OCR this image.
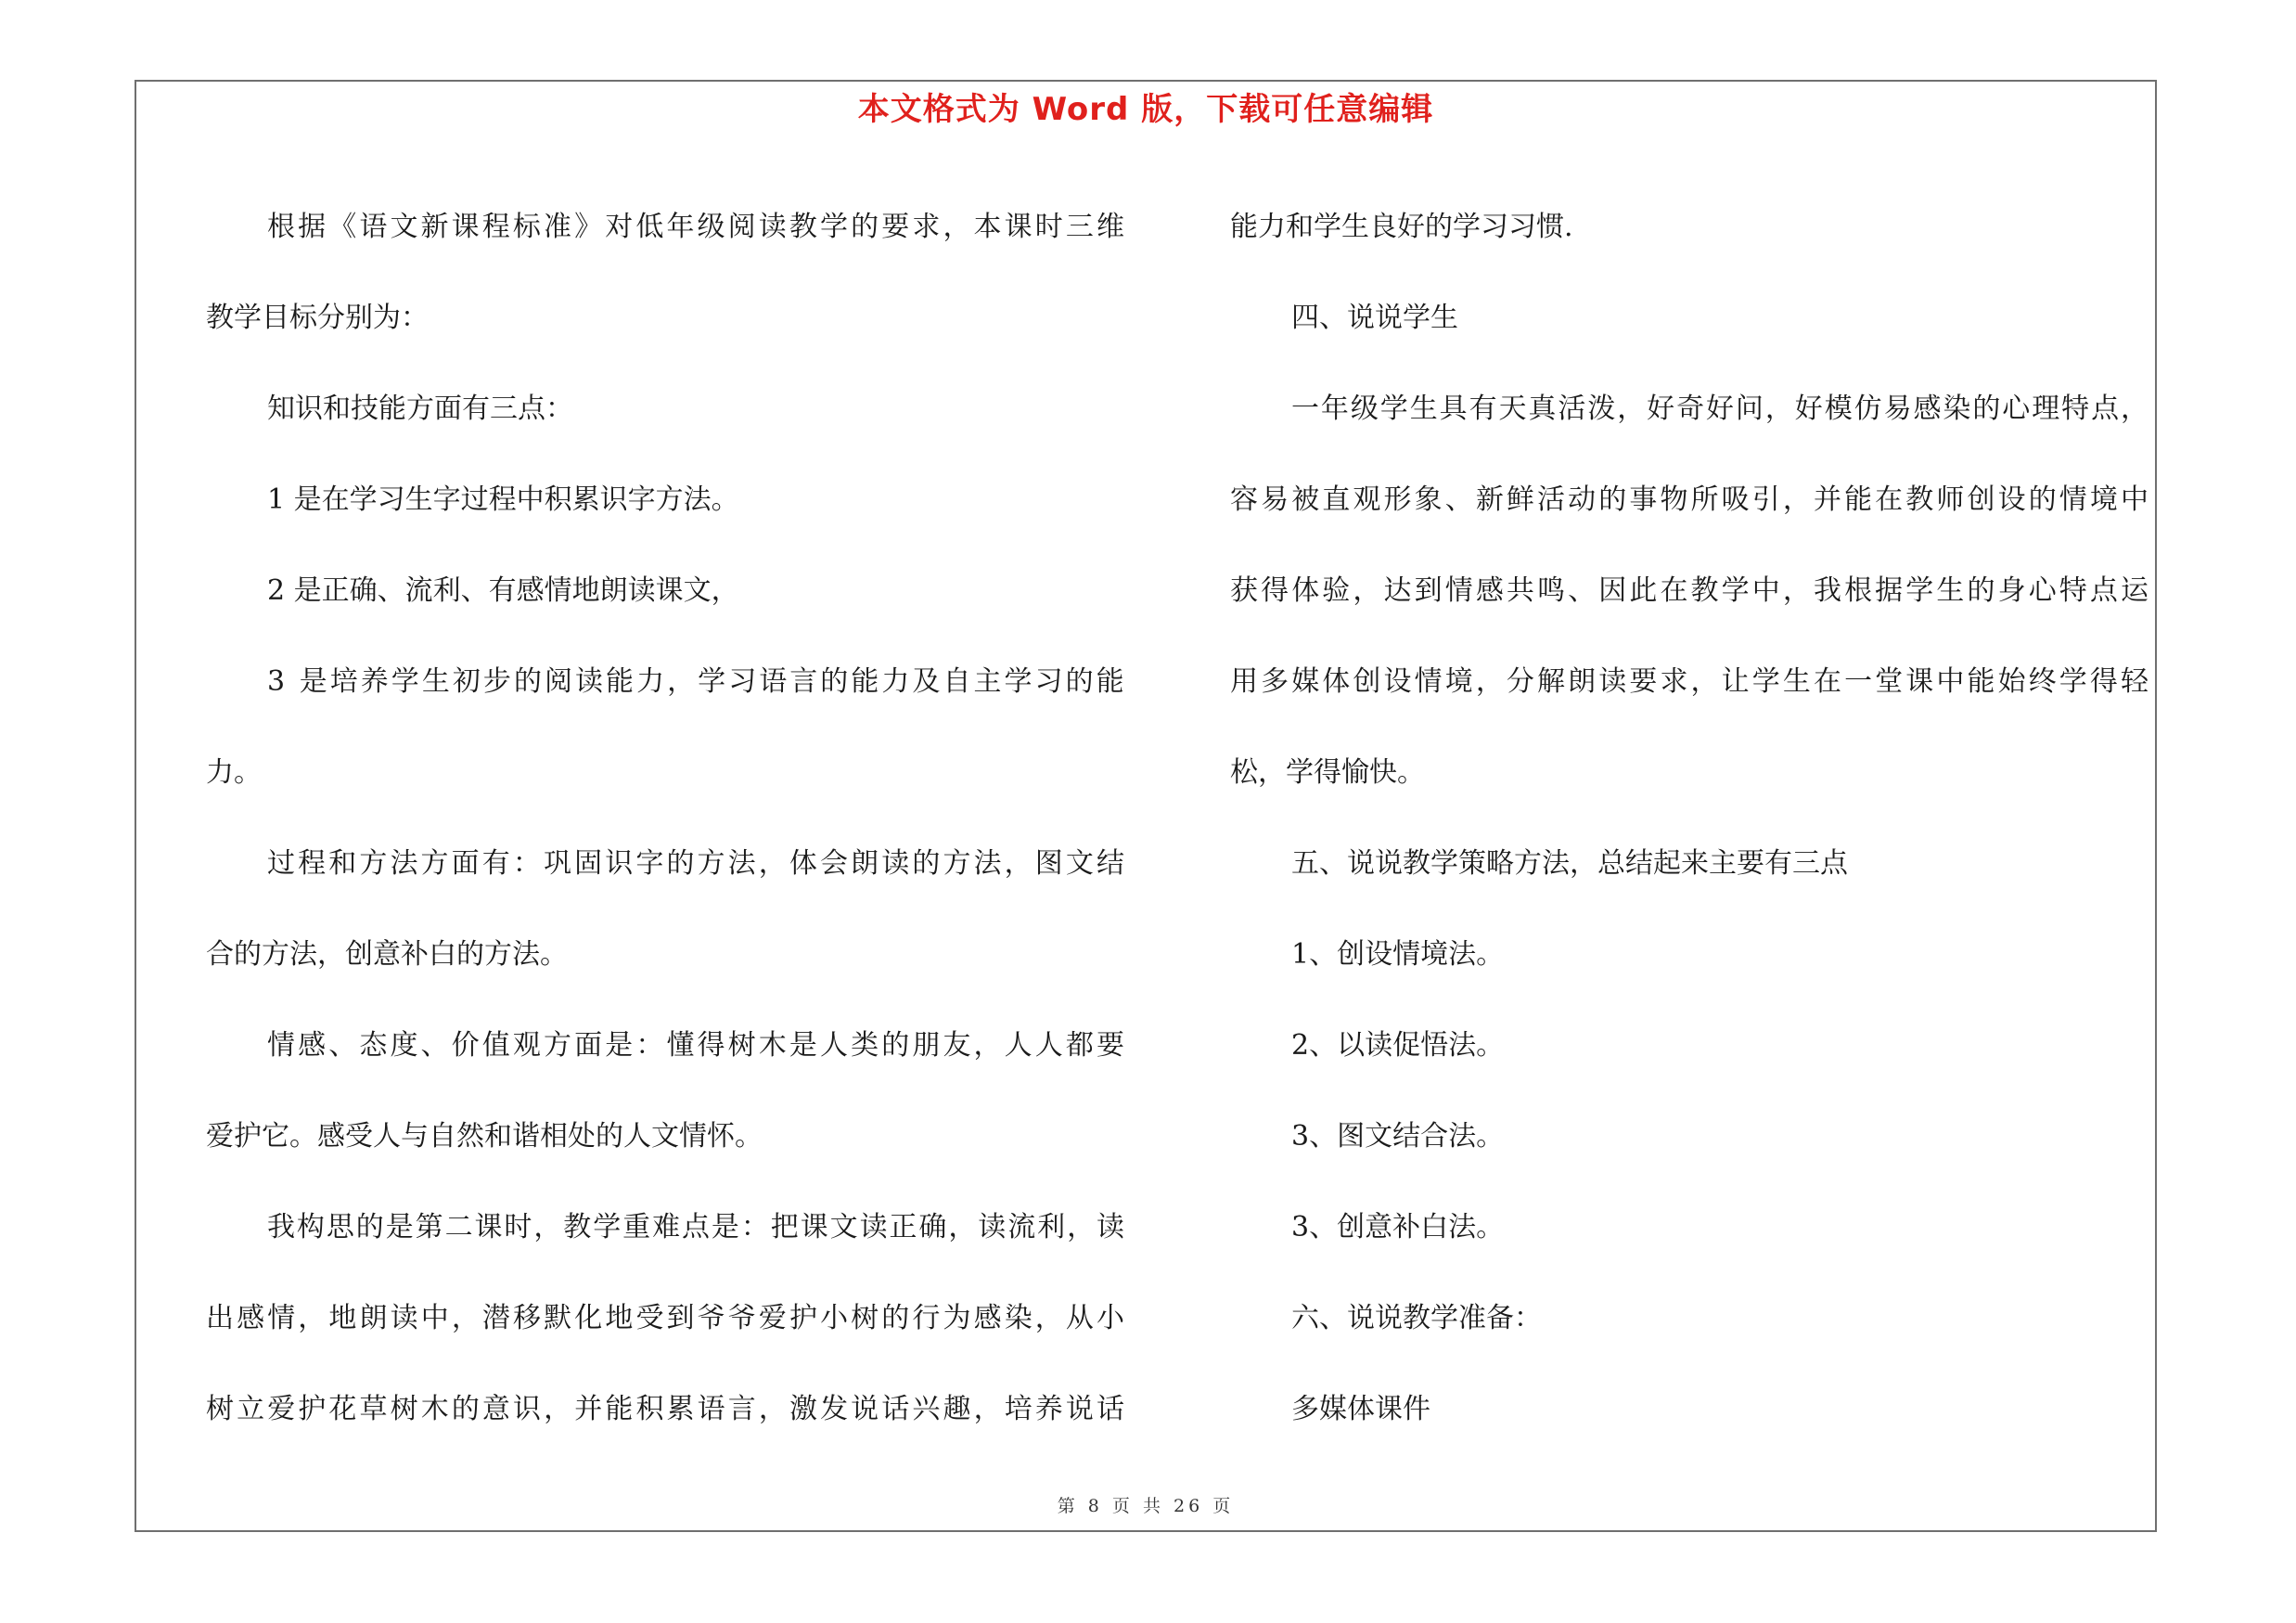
本文格式为 Word 版，下载可任意编辑
根据《语文新课程标准》对低年级阅读教学的要求，本课时三维
教学目标分别为：
知识和技能方面有三点：
1 是在学习生字过程中积累识字方法。
2 是正确、流利、有感情地朗读课文，
3 是培养学生初步的阅读能力，学习语言的能力及自主学习的能
力。
过程和方法方面有：巩固识字的方法，体会朗读的方法，图文结
合的方法，创意补白的方法。
情感、态度、价值观方面是：懂得树木是人类的朋友，人人都要
爱护它。感受人与自然和谐相处的人文情怀。
我构思的是第二课时，教学重难点是：把课文读正确，读流利，读
出感情，地朗读中，潜移默化地受到爷爷爱护小树的行为感染，从小
树立爱护花草树木的意识，并能积累语言，激发说话兴趣，培养说话
能力和学生良好的学习习惯.
四、说说学生
一年级学生具有天真活泼，好奇好问，好模仿易感染的心理特点，
容易被直观形象、新鲜活动的事物所吸引，并能在教师创设的情境中
获得体验，达到情感共鸣、因此在教学中，我根据学生的身心特点运
用多媒体创设情境，分解朗读要求，让学生在一堂课中能始终学得轻
松，学得愉快。
五、说说教学策略方法，总结起来主要有三点
1、创设情境法。
2、以读促悟法。
3、图文结合法。
3、创意补白法。
六、说说教学准备：
多媒体课件
第 8 页 共 26 页
